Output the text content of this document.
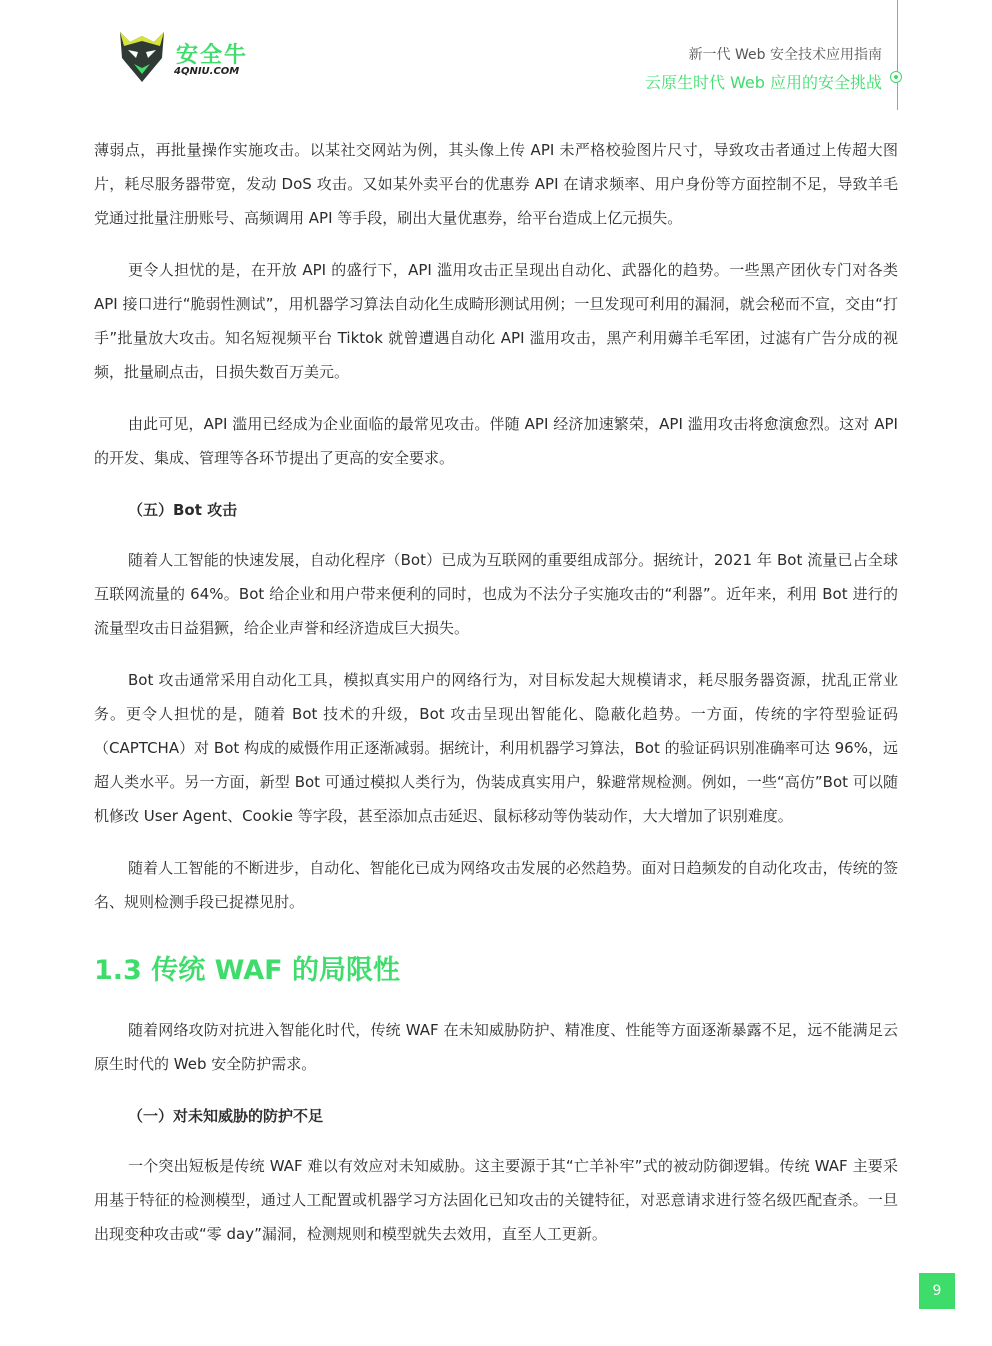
安全牛
4QNIU.COM
新一代 Web 安全技术应用指南
云原生时代 Web 应用的安全挑战

薄弱点，再批量操作实施攻击。以某社交网站为例，其头像上传 API 未严格校验图片尺寸，导致攻击者通过上传超大图片，耗尽服务器带宽，发动 DoS 攻击。又如某外卖平台的优惠券 API 在请求频率、用户身份等方面控制不足，导致羊毛党通过批量注册账号、高频调用 API 等手段，刷出大量优惠券，给平台造成上亿元损失。

更令人担忧的是，在开放 API 的盛行下，API 滥用攻击正呈现出自动化、武器化的趋势。一些黑产团伙专门对各类 API 接口进行“脆弱性测试”，用机器学习算法自动化生成畸形测试用例；一旦发现可利用的漏洞，就会秘而不宣，交由“打手”批量放大攻击。知名短视频平台 Tiktok 就曾遭遇自动化 API 滥用攻击，黑产利用薅羊毛军团，过滤有广告分成的视频，批量刷点击，日损失数百万美元。

由此可见，API 滥用已经成为企业面临的最常见攻击。伴随 API 经济加速繁荣，API 滥用攻击将愈演愈烈。这对 API 的开发、集成、管理等各环节提出了更高的安全要求。

（五）Bot 攻击

随着人工智能的快速发展，自动化程序（Bot）已成为互联网的重要组成部分。据统计，2021 年 Bot 流量已占全球互联网流量的 64%。Bot 给企业和用户带来便利的同时，也成为不法分子实施攻击的“利器”。近年来，利用 Bot 进行的流量型攻击日益猖獗，给企业声誉和经济造成巨大损失。

Bot 攻击通常采用自动化工具，模拟真实用户的网络行为，对目标发起大规模请求，耗尽服务器资源，扰乱正常业务。更令人担忧的是，随着 Bot 技术的升级，Bot 攻击呈现出智能化、隐蔽化趋势。一方面，传统的字符型验证码（CAPTCHA）对 Bot 构成的威慑作用正逐渐减弱。据统计，利用机器学习算法，Bot 的验证码识别准确率可达 96%，远超人类水平。另一方面，新型 Bot 可通过模拟人类行为，伪装成真实用户，躲避常规检测。例如，一些“高仿”Bot 可以随机修改 User Agent、Cookie 等字段，甚至添加点击延迟、鼠标移动等伪装动作，大大增加了识别难度。

随着人工智能的不断进步，自动化、智能化已成为网络攻击发展的必然趋势。面对日趋频发的自动化攻击，传统的签名、规则检测手段已捉襟见肘。

1.3 传统 WAF 的局限性

随着网络攻防对抗进入智能化时代，传统 WAF 在未知威胁防护、精准度、性能等方面逐渐暴露不足，远不能满足云原生时代的 Web 安全防护需求。

（一）对未知威胁的防护不足

一个突出短板是传统 WAF 难以有效应对未知威胁。这主要源于其“亡羊补牢”式的被动防御逻辑。传统 WAF 主要采用基于特征的检测模型，通过人工配置或机器学习方法固化已知攻击的关键特征，对恶意请求进行签名级匹配查杀。一旦出现变种攻击或“零 day”漏洞，检测规则和模型就失去效用，直至人工更新。

9
